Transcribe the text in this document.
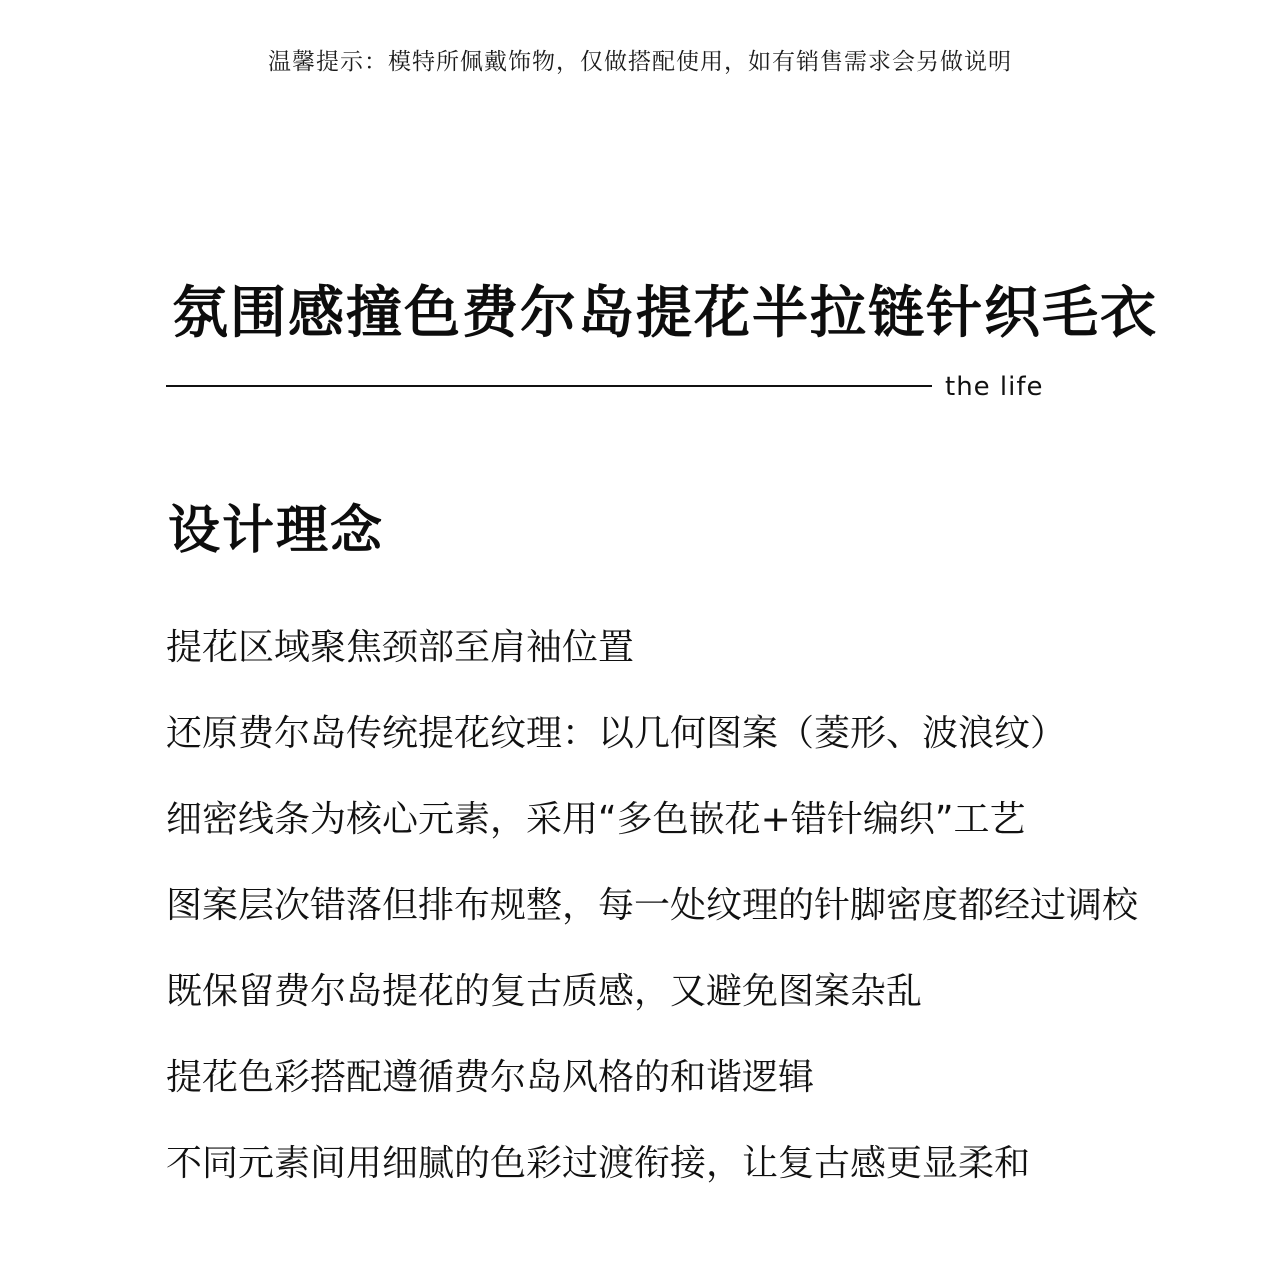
温馨提示：模特所佩戴饰物，仅做搭配使用，如有销售需求会另做说明
氛围感撞色费尔岛提花半拉链针织毛衣
the life
设计理念
提花区域聚焦颈部至肩袖位置
还原费尔岛传统提花纹理：以几何图案（菱形、波浪纹）
细密线条为核心元素，采用“多色嵌花+错针编织”工艺
图案层次错落但排布规整，每一处纹理的针脚密度都经过调校
既保留费尔岛提花的复古质感，又避免图案杂乱
提花色彩搭配遵循费尔岛风格的和谐逻辑
不同元素间用细腻的色彩过渡衔接，让复古感更显柔和
